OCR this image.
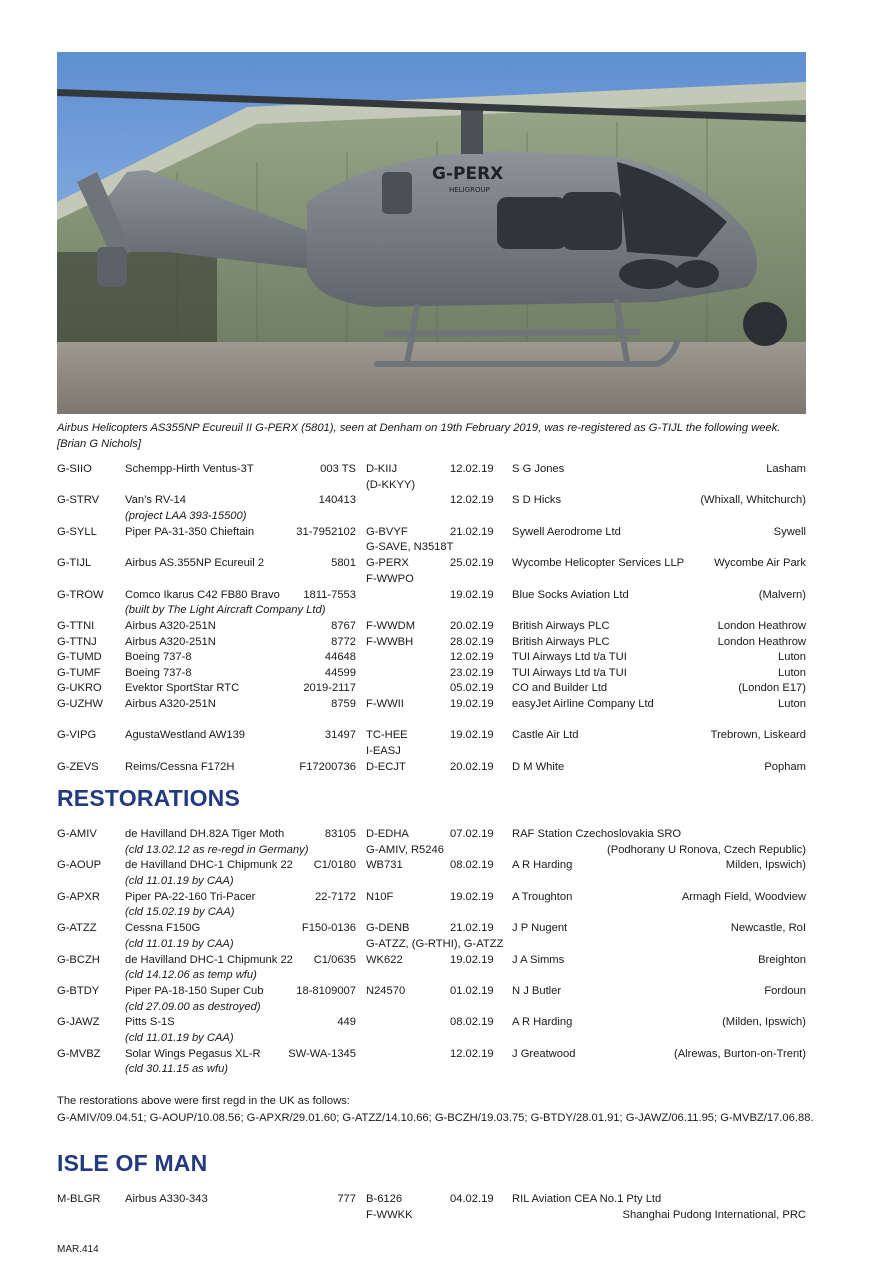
G-PERX
HELIGROUP
Airbus Helicopters AS355NP Ecureuil II G-PERX (5801), seen at Denham on 19th February 2019, was re-registered as G-TIJL the following week. [Brian G Nichols]
G-SIIO	Schempp-Hirth Ventus-3T	003 TS D-KIIJ	12.02.19 S G Jones	Lasham
(D-KKYY)
G-STRV Van’s RV-14	140413	12.02.19 S D Hicks	(Whixall, Whitchurch)
(project LAA 393-15500)
G-SYLL	Piper PA-31-350 Chieftain	31-7952102 G-BVYF	21.02.19 Sywell Aerodrome Ltd	Sywell
G-SAVE, N3518T
G-TIJL	Airbus AS.355NP Ecureuil 2	5801 G-PERX	25.02.19 Wycombe Helicopter Services LLP	Wycombe Air Park
F-WWPO
G-TROW Comco Ikarus C42 FB80 Bravo 1811-7553	19.02.19 Blue Socks Aviation Ltd	(Malvern)
(built by The Light Aircraft Company Ltd)
G-TTNI	Airbus A320-251N	8767 F-WWDM	20.02.19 British Airways PLC	London Heathrow
G-TTNJ	Airbus A320-251N	8772 F-WWBH	28.02.19 British Airways PLC	London Heathrow
G-TUMD Boeing 737-8	44648	12.02.19 TUI Airways Ltd t/a TUI	Luton
G-TUMF Boeing 737-8	44599	23.02.19 TUI Airways Ltd t/a TUI	Luton
G-UKRO Evektor SportStar RTC	2019-2117	05.02.19 CO and Builder Ltd	(London E17)
G-UZHW Airbus A320-251N	8759 F-WWII	19.02.19 easyJet Airline Company Ltd	Luton
G-VIPG	AgustaWestland AW139	31497 TC-HEE	19.02.19 Castle Air Ltd	Trebrown, Liskeard
I-EASJ
G-ZEVS Reims/Cessna F172H	F17200736 D-ECJT	20.02.19 D M White	Popham
RESTORATIONS
G-AMIV	de Havilland DH.82A Tiger Moth	83105 D-EDHA	07.02.19 RAF Station Czechoslovakia SRO
(cld 13.02.12 as re-regd in Germany)	G-AMIV, R5246	(Podhorany U Ronova, Czech Republic)
G-AOUP de Havilland DHC-1 Chipmunk 22 C1/0180 WB731	08.02.19 A R Harding	Milden, Ipswich)
(cld 11.01.19 by CAA)
G-APXR Piper PA-22-160 Tri-Pacer	22-7172 N10F	19.02.19 A Troughton	Armagh Field, Woodview
(cld 15.02.19 by CAA)
G-ATZZ	Cessna F150G	F150-0136 G-DENB	21.02.19 J P Nugent	Newcastle, RoI
(cld 11.01.19 by CAA)	G-ATZZ, (G-RTHI), G-ATZZ
G-BCZH de Havilland DHC-1 Chipmunk 22 C1/0635 WK622	19.02.19 J A Simms	Breighton
(cld 14.12.06 as temp wfu)
G-BTDY Piper PA-18-150 Super Cub	18-8109007 N24570	01.02.19 N J Butler	Fordoun
(cld 27.09.00 as destroyed)
G-JAWZ Pitts S-1S	449	08.02.19 A R Harding	(Milden, Ipswich)
(cld 11.01.19 by CAA)
G-MVBZ Solar Wings Pegasus XL-R SW-WA-1345	12.02.19 J Greatwood	(Alrewas, Burton-on-Trent)
(cld 30.11.15 as wfu)
The restorations above were first regd in the UK as follows:
G-AMIV/09.04.51; G-AOUP/10.08.56; G-APXR/29.01.60; G-ATZZ/14.10.66; G-BCZH/19.03.75; G-BTDY/28.01.91; G-JAWZ/06.11.95; G-MVBZ/17.06.88.
ISLE OF MAN
M-BLGR Airbus A330-343	777 B-6126	04.02.19 RIL Aviation CEA No.1 Pty Ltd
F-WWKK	Shanghai Pudong International, PRC
MAR.414
